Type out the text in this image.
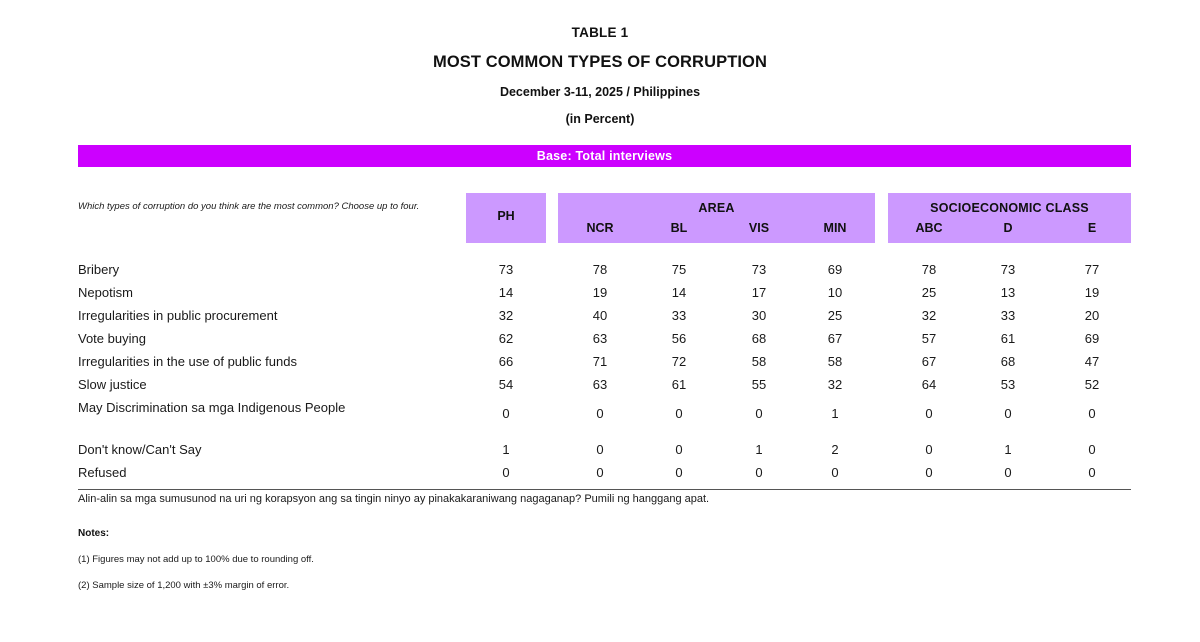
TABLE 1
MOST COMMON TYPES OF CORRUPTION
December 3-11, 2025 / Philippines
(in Percent)
Base: Total interviews
Which types of corruption do you think are the most common? Choose up to four.
PH
AREA
NCR	BL	VIS	MIN
SOCIOECONOMIC CLASS
ABC	D	E
Bribery	73	78	75	73	69	78	73	77
Nepotism	14	19	14	17	10	25	13	19
Irregularities in public procurement	32	40	33	30	25	32	33	20
Vote buying	62	63	56	68	67	57	61	69
Irregularities in the use of public funds	66	71	72	58	58	67	68	47
Slow justice	54	63	61	55	32	64	53	52
May Discrimination sa mga Indigenous People	0	0	0	0	1	0	0	0
Don't know/Can't Say	1	0	0	1	2	0	1	0
Refused	0	0	0	0	0	0	0	0
Alin-alin sa mga sumusunod na uri ng korapsyon ang sa tingin ninyo ay pinakakaraniwang nagaganap? Pumili ng hanggang apat.
Notes:
(1) Figures may not add up to 100% due to rounding off.
(2) Sample size of 1,200 with ±3% margin of error.
